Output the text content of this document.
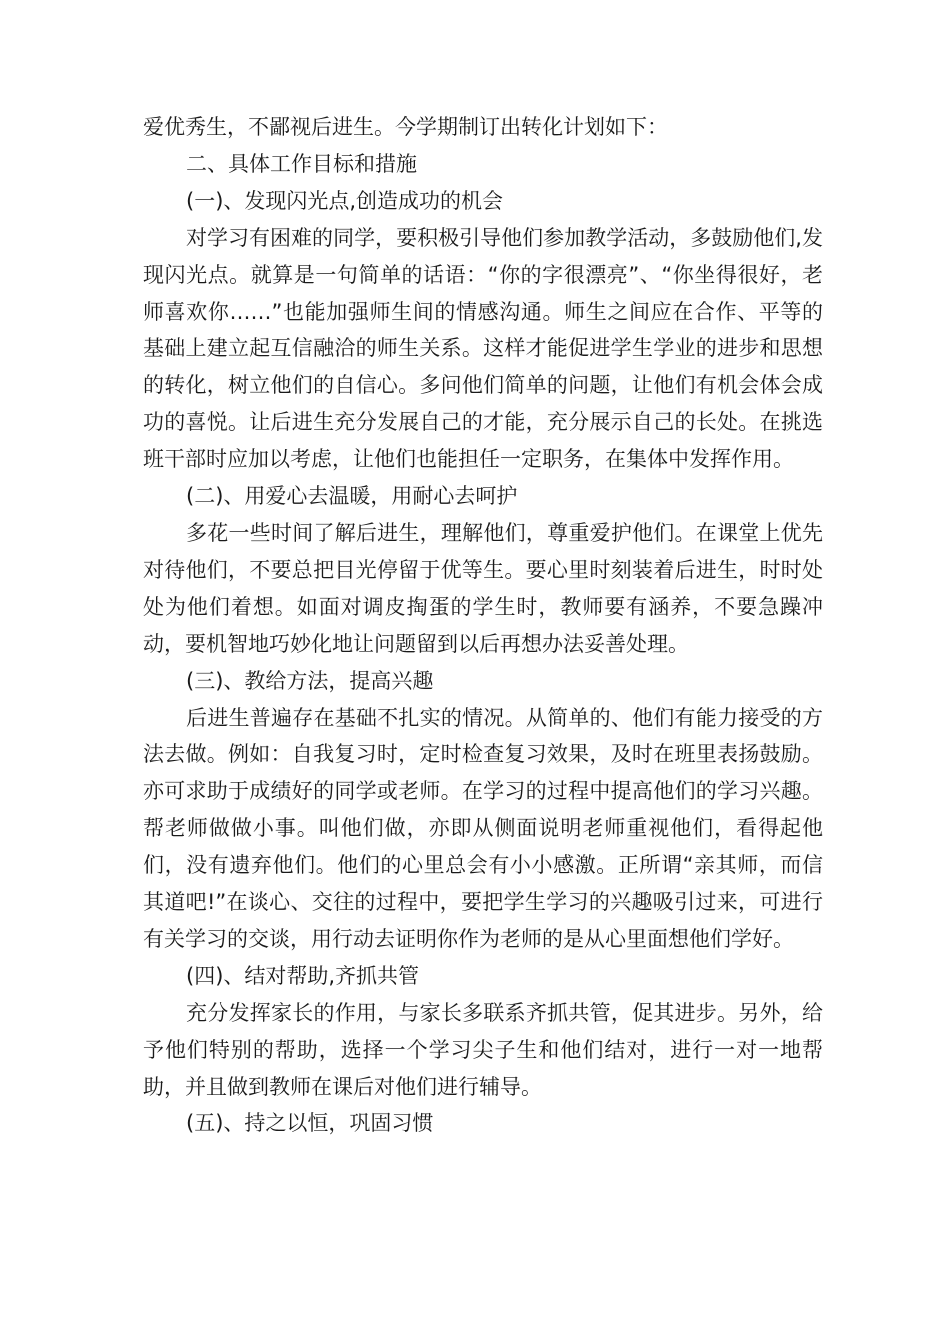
爱优秀生，不鄙视后进生。今学期制订出转化计划如下：

二、具体工作目标和措施

(一)、发现闪光点,创造成功的机会

对学习有困难的同学，要积极引导他们参加教学活动，多鼓励他们,发现闪光点。就算是一句简单的话语：“你的字很漂亮”、“你坐得很好，老师喜欢你……”也能加强师生间的情感沟通。师生之间应在合作、平等的基础上建立起互信融洽的师生关系。这样才能促进学生学业的进步和思想的转化，树立他们的自信心。多问他们简单的问题，让他们有机会体会成功的喜悦。让后进生充分发展自己的才能，充分展示自己的长处。在挑选班干部时应加以考虑，让他们也能担任一定职务，在集体中发挥作用。

(二)、用爱心去温暖，用耐心去呵护

多花一些时间了解后进生，理解他们，尊重爱护他们。在课堂上优先对待他们，不要总把目光停留于优等生。要心里时刻装着后进生，时时处处为他们着想。如面对调皮掏蛋的学生时，教师要有涵养，不要急躁冲动，要机智地巧妙化地让问题留到以后再想办法妥善处理。

(三)、教给方法，提高兴趣

后进生普遍存在基础不扎实的情况。从简单的、他们有能力接受的方法去做。例如：自我复习时，定时检查复习效果，及时在班里表扬鼓励。亦可求助于成绩好的同学或老师。在学习的过程中提高他们的学习兴趣。帮老师做做小事。叫他们做，亦即从侧面说明老师重视他们，看得起他们，没有遗弃他们。他们的心里总会有小小感激。正所谓“亲其师，而信其道吧!”在谈心、交往的过程中，要把学生学习的兴趣吸引过来，可进行有关学习的交谈，用行动去证明你作为老师的是从心里面想他们学好。

(四)、结对帮助,齐抓共管

充分发挥家长的作用，与家长多联系齐抓共管，促其进步。另外，给予他们特别的帮助，选择一个学习尖子生和他们结对，进行一对一地帮助，并且做到教师在课后对他们进行辅导。

(五)、持之以恒，巩固习惯
